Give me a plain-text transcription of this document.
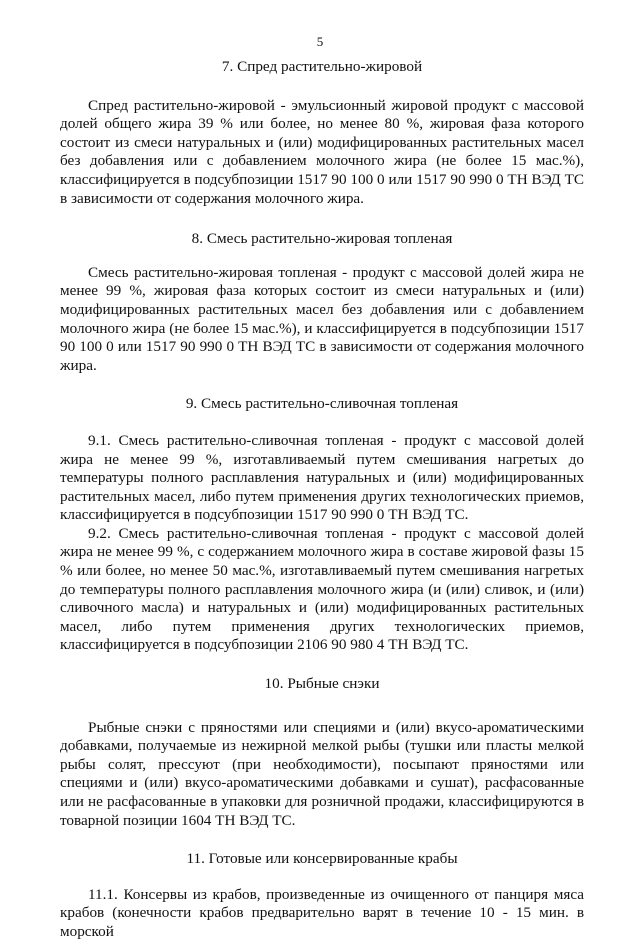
5
7. Спред растительно-жировой

Спред растительно-жировой - эмульсионный жировой продукт с массовой долей общего жира 39 % или более, но менее 80 %, жировая фаза которого состоит из смеси натуральных и (или) модифицированных растительных масел без добавления или с добавлением молочного жира (не более 15 мас.%), классифицируется в подсубпозиции 1517 90 100 0 или 1517 90 990 0 ТН ВЭД ТС в зависимости от содержания молочного жира.

8. Смесь растительно-жировая топленая

Смесь растительно-жировая топленая - продукт с массовой долей жира не менее 99 %, жировая фаза которых состоит из смеси натуральных и (или) модифицированных растительных масел без добавления или с добавлением молочного жира (не более 15 мас.%), и классифицируется в подсубпозиции 1517 90 100 0 или 1517 90 990 0 ТН ВЭД ТС в зависимости от содержания молочного жира.

9. Смесь растительно-сливочная топленая

9.1. Смесь растительно-сливочная топленая - продукт с массовой долей жира не менее 99 %, изготавливаемый путем смешивания нагретых до температуры полного расплавления натуральных и (или) модифицированных растительных масел, либо путем применения других технологических приемов, классифицируется в подсубпозиции 1517 90 990 0 ТН ВЭД ТС.

9.2. Смесь растительно-сливочная топленая - продукт с массовой долей жира не менее 99 %, с содержанием молочного жира в составе жировой фазы 15 % или более, но менее 50 мас.%, изготавливаемый путем смешивания нагретых до температуры полного расплавления молочного жира (и (или) сливок, и (или) сливочного масла) и натуральных и (или) модифицированных растительных масел, либо путем применения других технологических приемов, классифицируется в подсубпозиции 2106 90 980 4 ТН ВЭД ТС.

10. Рыбные снэки

Рыбные снэки с пряностями или специями и (или) вкусо-ароматическими добавками, получаемые из нежирной мелкой рыбы (тушки или пласты мелкой рыбы солят, прессуют (при необходимости), посыпают пряностями или специями и (или) вкусо-ароматическими добавками и сушат), расфасованные или не расфасованные в упаковки для розничной продажи, классифицируются в товарной позиции 1604 ТН ВЭД ТС.

11. Готовые или консервированные крабы

11.1. Консервы из крабов, произведенные из очищенного от панциря мяса крабов (конечности крабов предварительно варят в течение 10 - 15 мин. в морской
